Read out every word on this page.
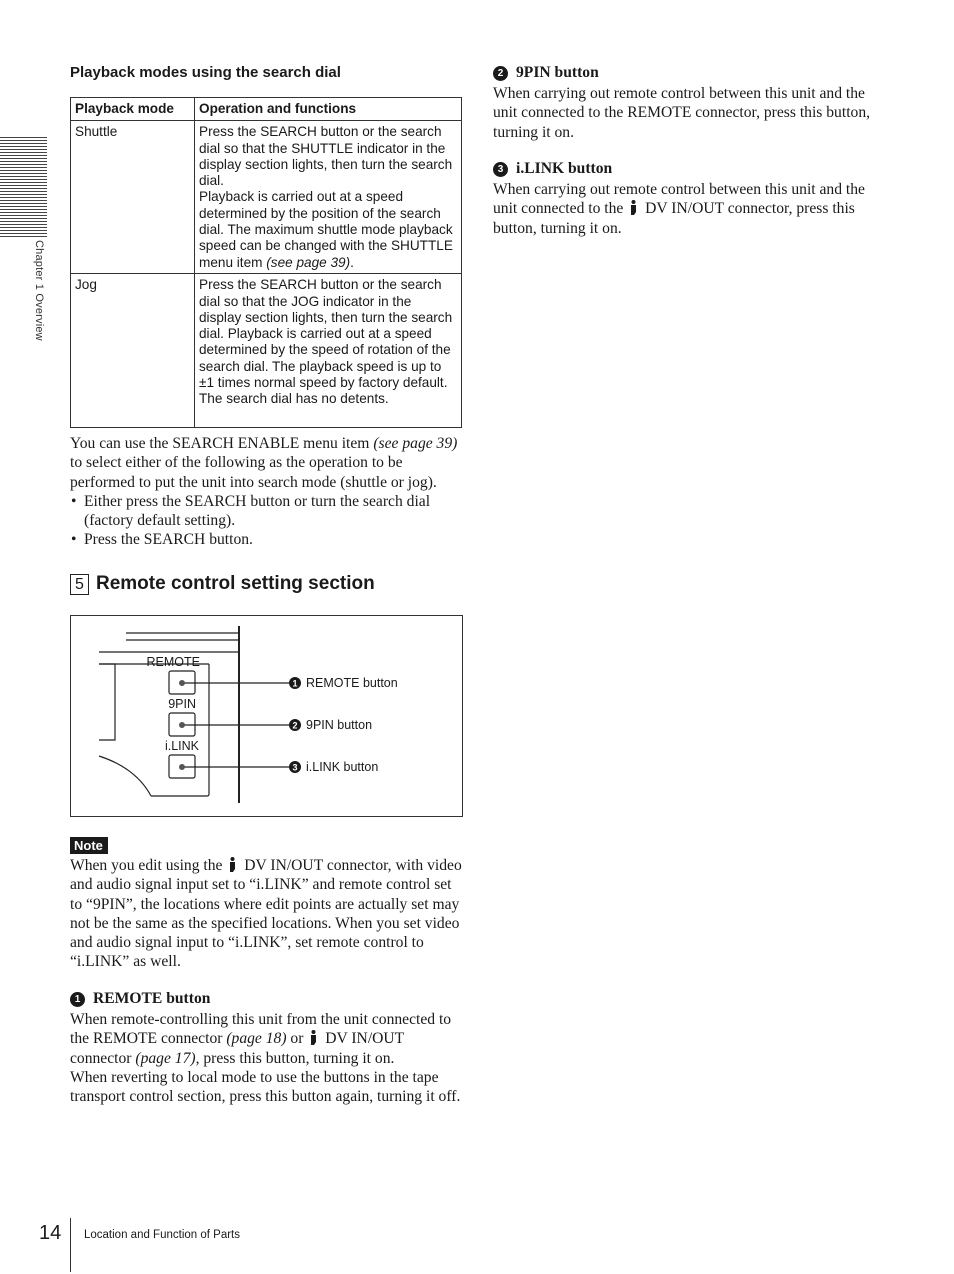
Chapter 1 Overview
Playback modes using the search dial
Playback mode	Operation and functions
Shuttle	Press the SEARCH button or the search dial so that the SHUTTLE indicator in the display section lights, then turn the search dial.
Playback is carried out at a speed determined by the position of the search dial. The maximum shuttle mode playback speed can be changed with the SHUTTLE menu item (see page 39).
Jog	Press the SEARCH button or the search dial so that the JOG indicator in the display section lights, then turn the search dial. Playback is carried out at a speed determined by the speed of rotation of the search dial. The playback speed is up to ±1 times normal speed by factory default.
The search dial has no detents.
You can use the SEARCH ENABLE menu item (see page 39) to select either of the following as the operation to be performed to put the unit into search mode (shuttle or jog).
• Either press the SEARCH button or turn the search dial (factory default setting).
• Press the SEARCH button.
5 Remote control setting section
REMOTE
9PIN
i.LINK
REMOTE button
9PIN button
i.LINK button
1
2
3
Note
When you edit using the  DV IN/OUT connector, with video and audio signal input set to “i.LINK” and remote control set to “9PIN”, the locations where edit points are actually set may not be the same as the specified locations. When you set video and audio signal input to “i.LINK”, set remote control to “i.LINK” as well.
1 REMOTE button
When remote-controlling this unit from the unit connected to the REMOTE connector (page 18) or  DV IN/OUT connector (page 17), press this button, turning it on.
When reverting to local mode to use the buttons in the tape transport control section, press this button again, turning it off.
2 9PIN button
When carrying out remote control between this unit and the unit connected to the REMOTE connector, press this button, turning it on.
3 i.LINK button
When carrying out remote control between this unit and the unit connected to the  DV IN/OUT connector, press this button, turning it on.
14 Location and Function of Parts
